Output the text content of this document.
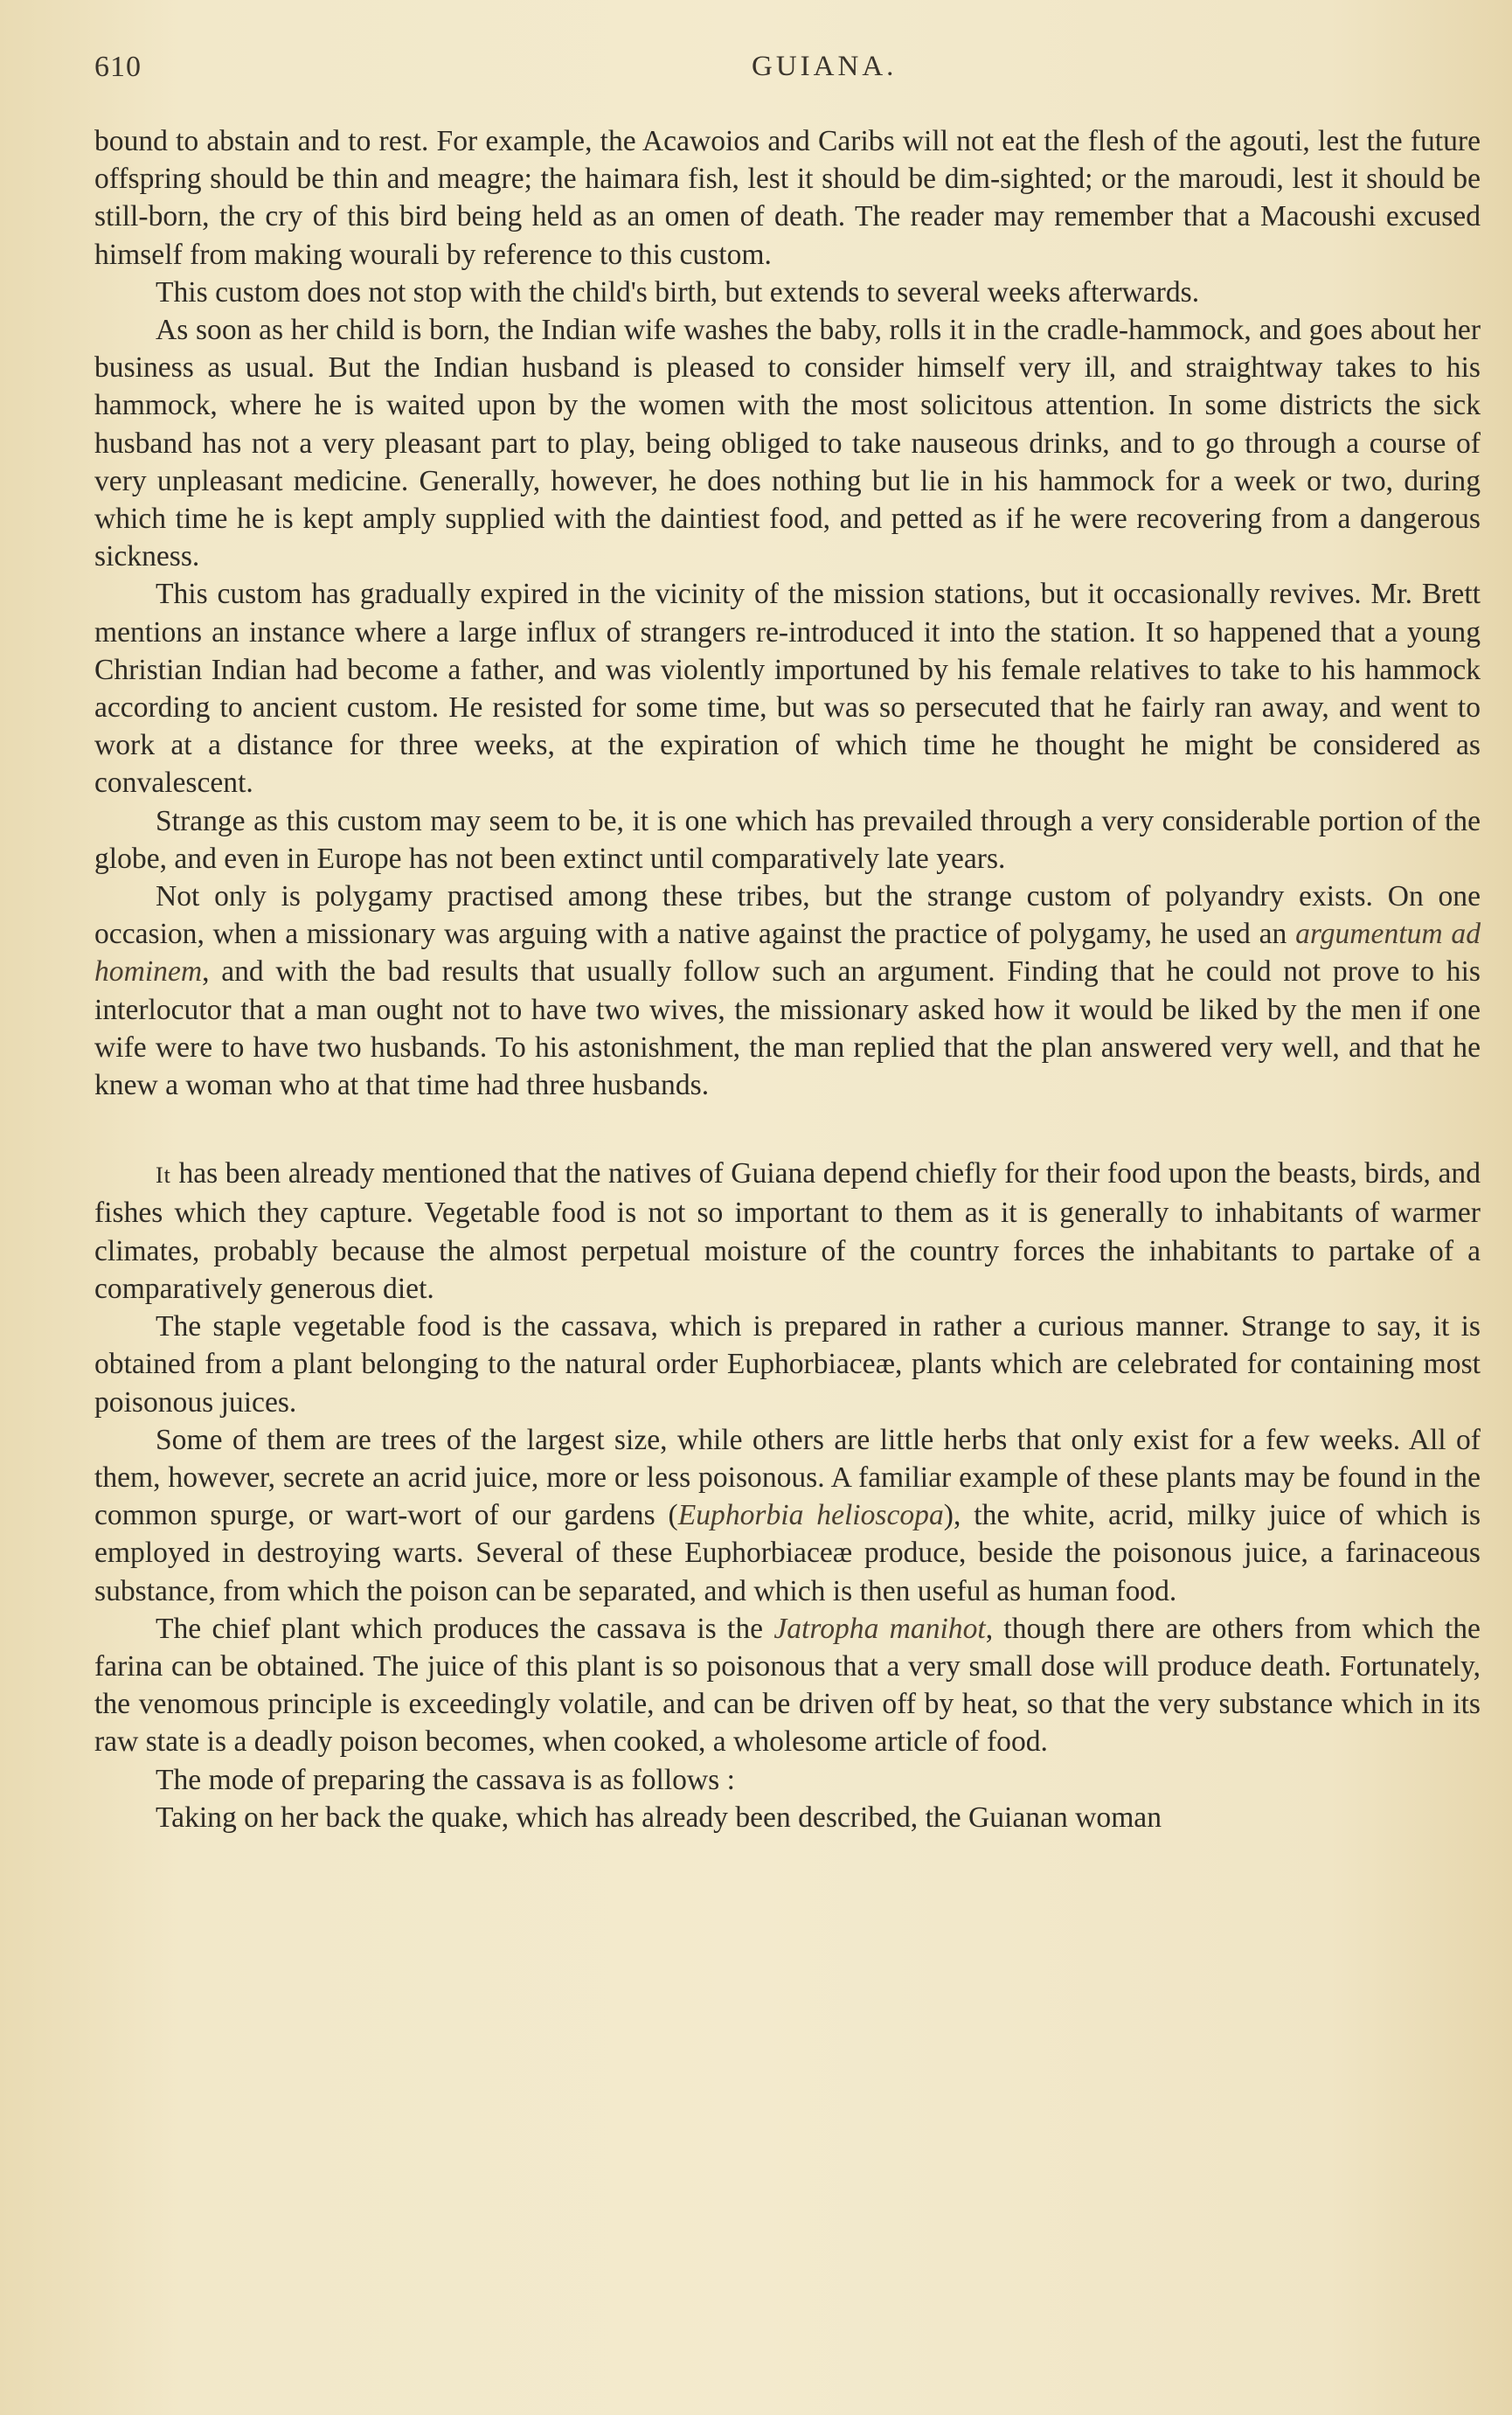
610	GUIANA.

bound to abstain and to rest. For example, the Acawoios and Caribs will not eat the flesh of the agouti, lest the future offspring should be thin and meagre; the haimara fish, lest it should be dim-sighted; or the maroudi, lest it should be still-born, the cry of this bird being held as an omen of death. The reader may remember that a Macoushi excused himself from making wourali by reference to this custom.

This custom does not stop with the child's birth, but extends to several weeks afterwards.

As soon as her child is born, the Indian wife washes the baby, rolls it in the cradle-hammock, and goes about her business as usual. But the Indian husband is pleased to consider himself very ill, and straightway takes to his hammock, where he is waited upon by the women with the most solicitous attention. In some districts the sick husband has not a very pleasant part to play, being obliged to take nauseous drinks, and to go through a course of very unpleasant medicine. Generally, however, he does nothing but lie in his hammock for a week or two, during which time he is kept amply supplied with the daintiest food, and petted as if he were recovering from a dangerous sickness.

This custom has gradually expired in the vicinity of the mission stations, but it occasionally revives. Mr. Brett mentions an instance where a large influx of strangers re-introduced it into the station. It so happened that a young Christian Indian had become a father, and was violently importuned by his female relatives to take to his hammock according to ancient custom. He resisted for some time, but was so persecuted that he fairly ran away, and went to work at a distance for three weeks, at the expiration of which time he thought he might be considered as convalescent.

Strange as this custom may seem to be, it is one which has prevailed through a very considerable portion of the globe, and even in Europe has not been extinct until comparatively late years.

Not only is polygamy practised among these tribes, but the strange custom of polyandry exists. On one occasion, when a missionary was arguing with a native against the practice of polygamy, he used an argumentum ad hominem, and with the bad results that usually follow such an argument. Finding that he could not prove to his interlocutor that a man ought not to have two wives, the missionary asked how it would be liked by the men if one wife were to have two husbands. To his astonishment, the man replied that the plan answered very well, and that he knew a woman who at that time had three husbands.

It has been already mentioned that the natives of Guiana depend chiefly for their food upon the beasts, birds, and fishes which they capture. Vegetable food is not so important to them as it is generally to inhabitants of warmer climates, probably because the almost perpetual moisture of the country forces the inhabitants to partake of a comparatively generous diet.

The staple vegetable food is the cassava, which is prepared in rather a curious manner. Strange to say, it is obtained from a plant belonging to the natural order Euphorbiaceæ, plants which are celebrated for containing most poisonous juices.

Some of them are trees of the largest size, while others are little herbs that only exist for a few weeks. All of them, however, secrete an acrid juice, more or less poisonous. A familiar example of these plants may be found in the common spurge, or wart-wort of our gardens (Euphorbia helioscopa), the white, acrid, milky juice of which is employed in destroying warts. Several of these Euphorbiaceæ produce, beside the poisonous juice, a farinaceous substance, from which the poison can be separated, and which is then useful as human food.

The chief plant which produces the cassava is the Jatropha manihot, though there are others from which the farina can be obtained. The juice of this plant is so poisonous that a very small dose will produce death. Fortunately, the venomous principle is exceedingly volatile, and can be driven off by heat, so that the very substance which in its raw state is a deadly poison becomes, when cooked, a wholesome article of food.

The mode of preparing the cassava is as follows :

Taking on her back the quake, which has already been described, the Guianan woman
